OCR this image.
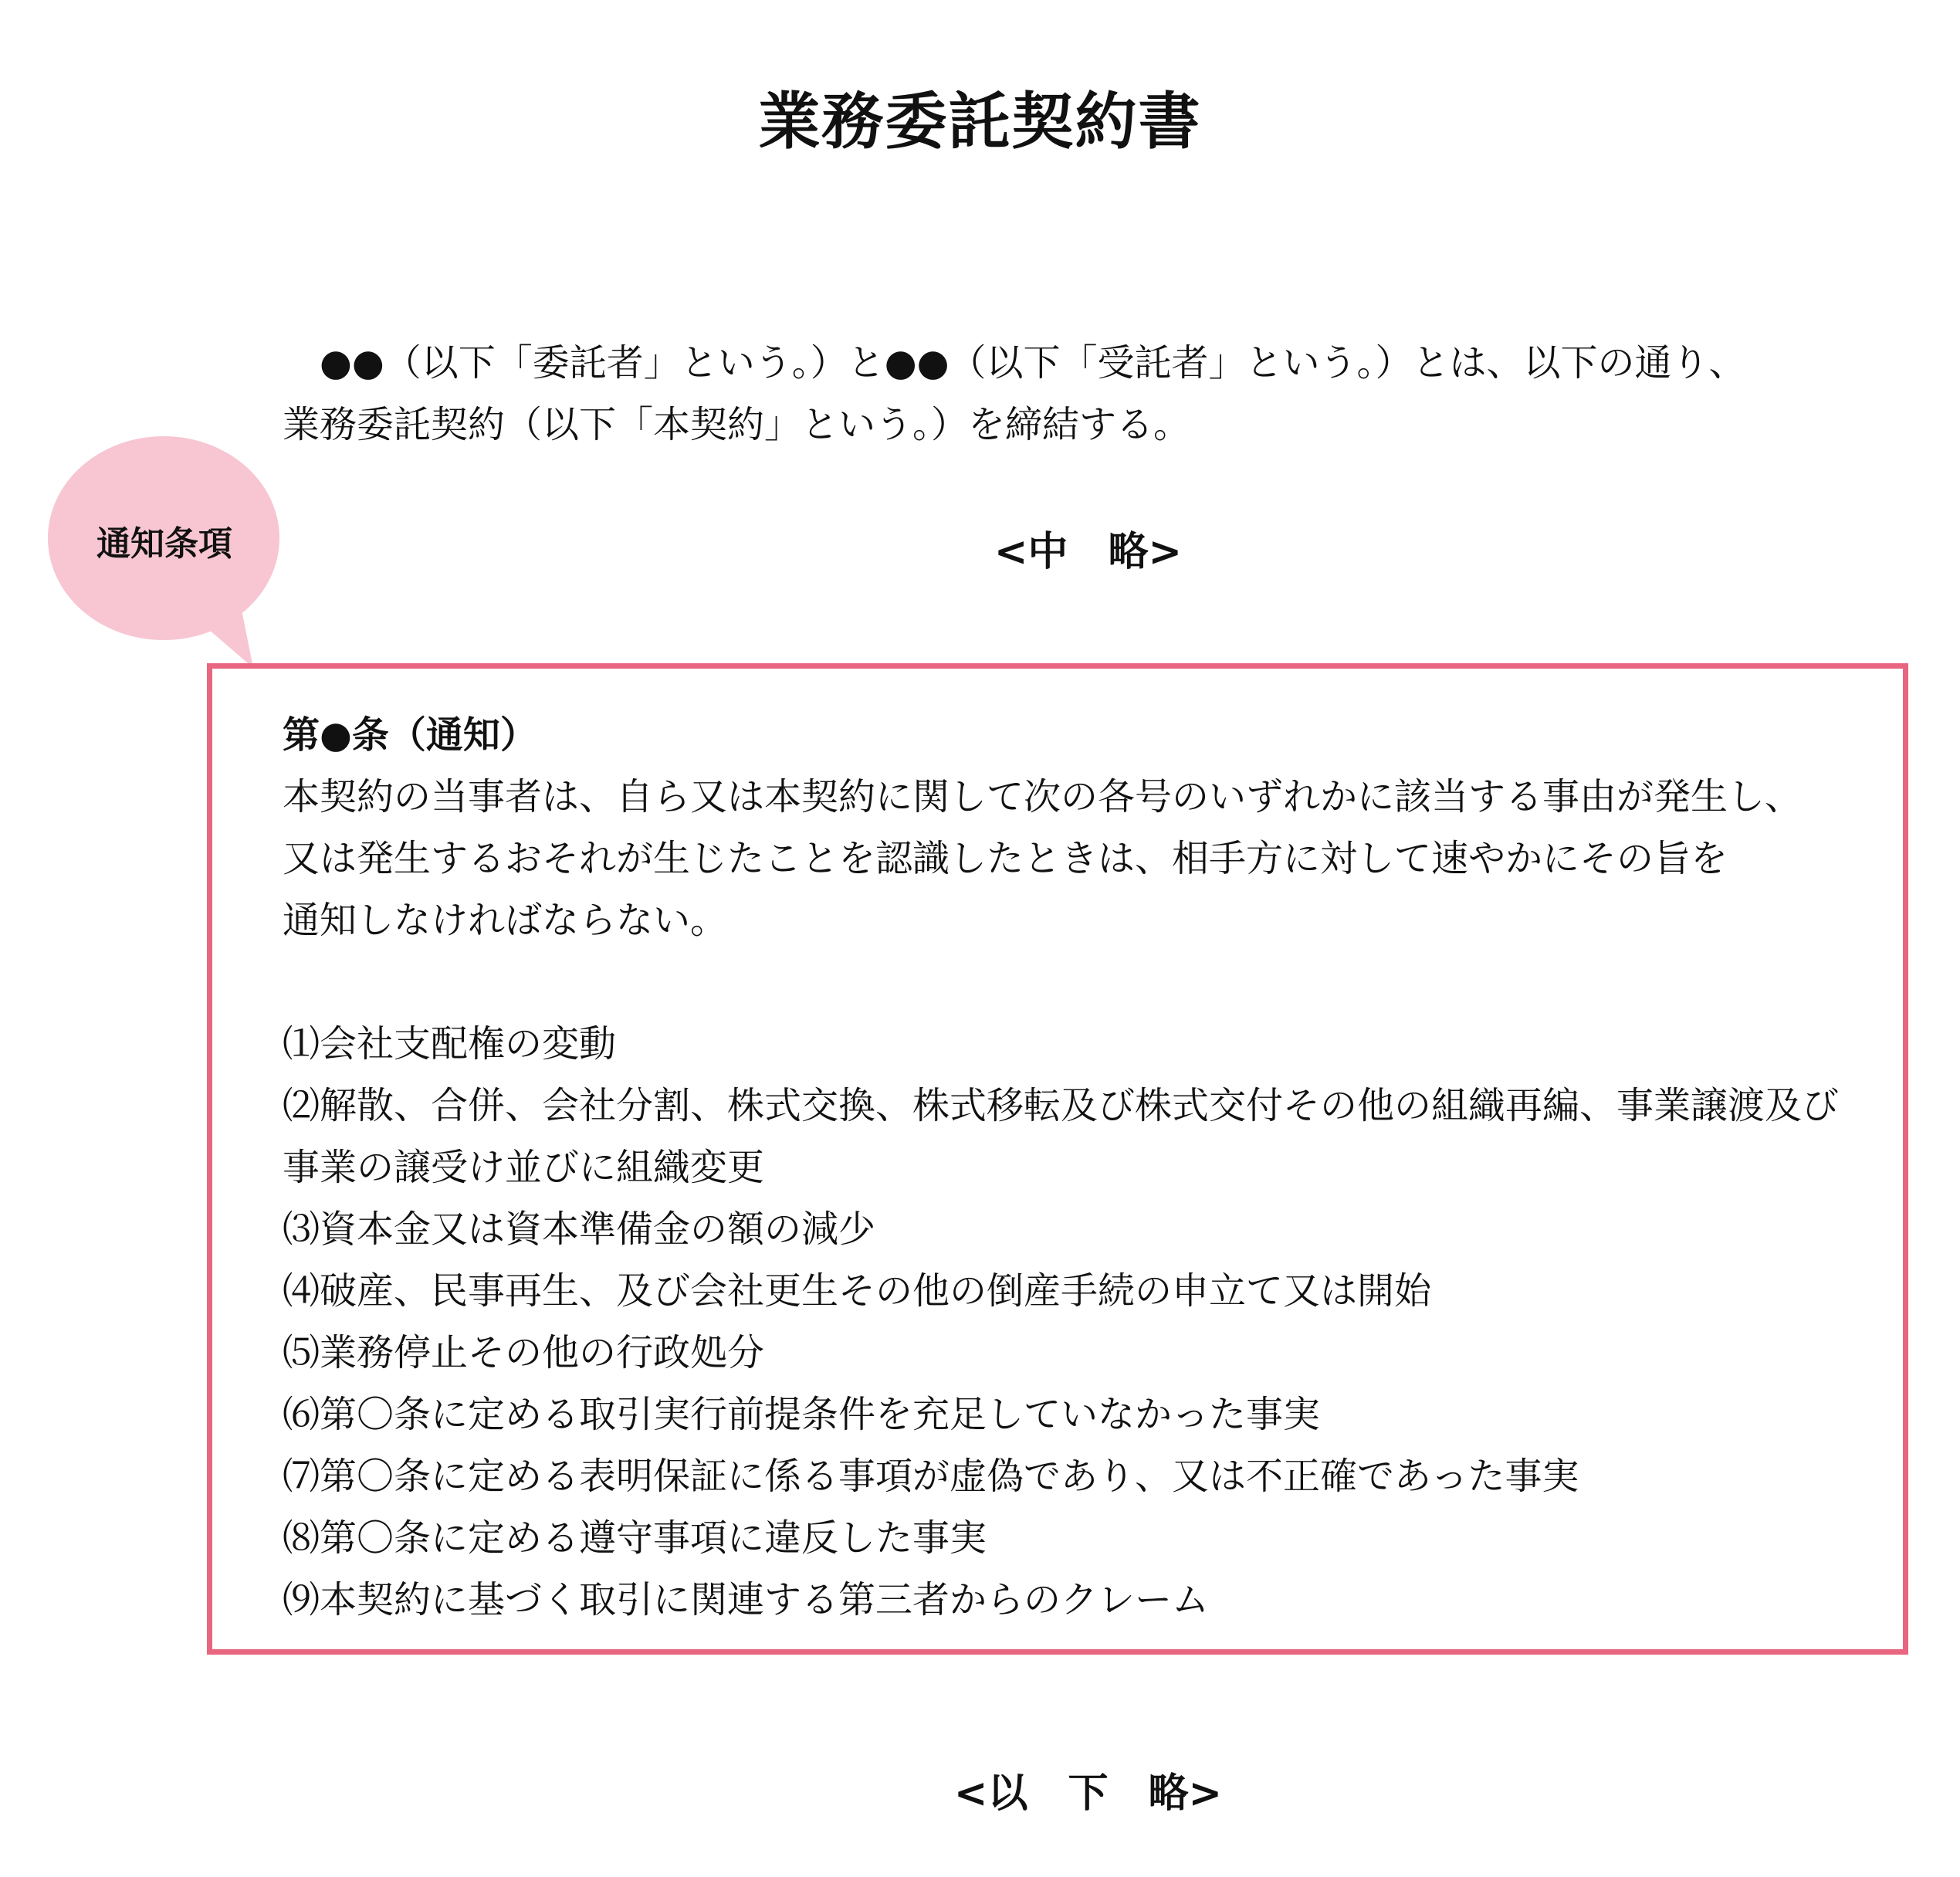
業務委託契約書

　●●（以下「委託者」という。）と●●（以下「受託者」という。）とは、以下の通り、

業務委託契約（以下「本契約」という。）を締結する。

<中　略>
通知条項

第●条（通知）

本契約の当事者は、自ら又は本契約に関して次の各号のいずれかに該当する事由が発生し、

又は発生するおそれが生じたことを認識したときは、相手方に対して速やかにその旨を

通知しなければならない。

⑴会社支配権の変動

⑵解散、合併、会社分割、株式交換、株式移転及び株式交付その他の組織再編、事業譲渡及び

事業の譲受け並びに組織変更

⑶資本金又は資本準備金の額の減少

⑷破産、民事再生、及び会社更生その他の倒産手続の申立て又は開始

⑸業務停止その他の行政処分

⑹第〇条に定める取引実行前提条件を充足していなかった事実

⑺第〇条に定める表明保証に係る事項が虚偽であり、又は不正確であった事実

⑻第〇条に定める遵守事項に違反した事実

⑼本契約に基づく取引に関連する第三者からのクレーム

<以　下　略>
